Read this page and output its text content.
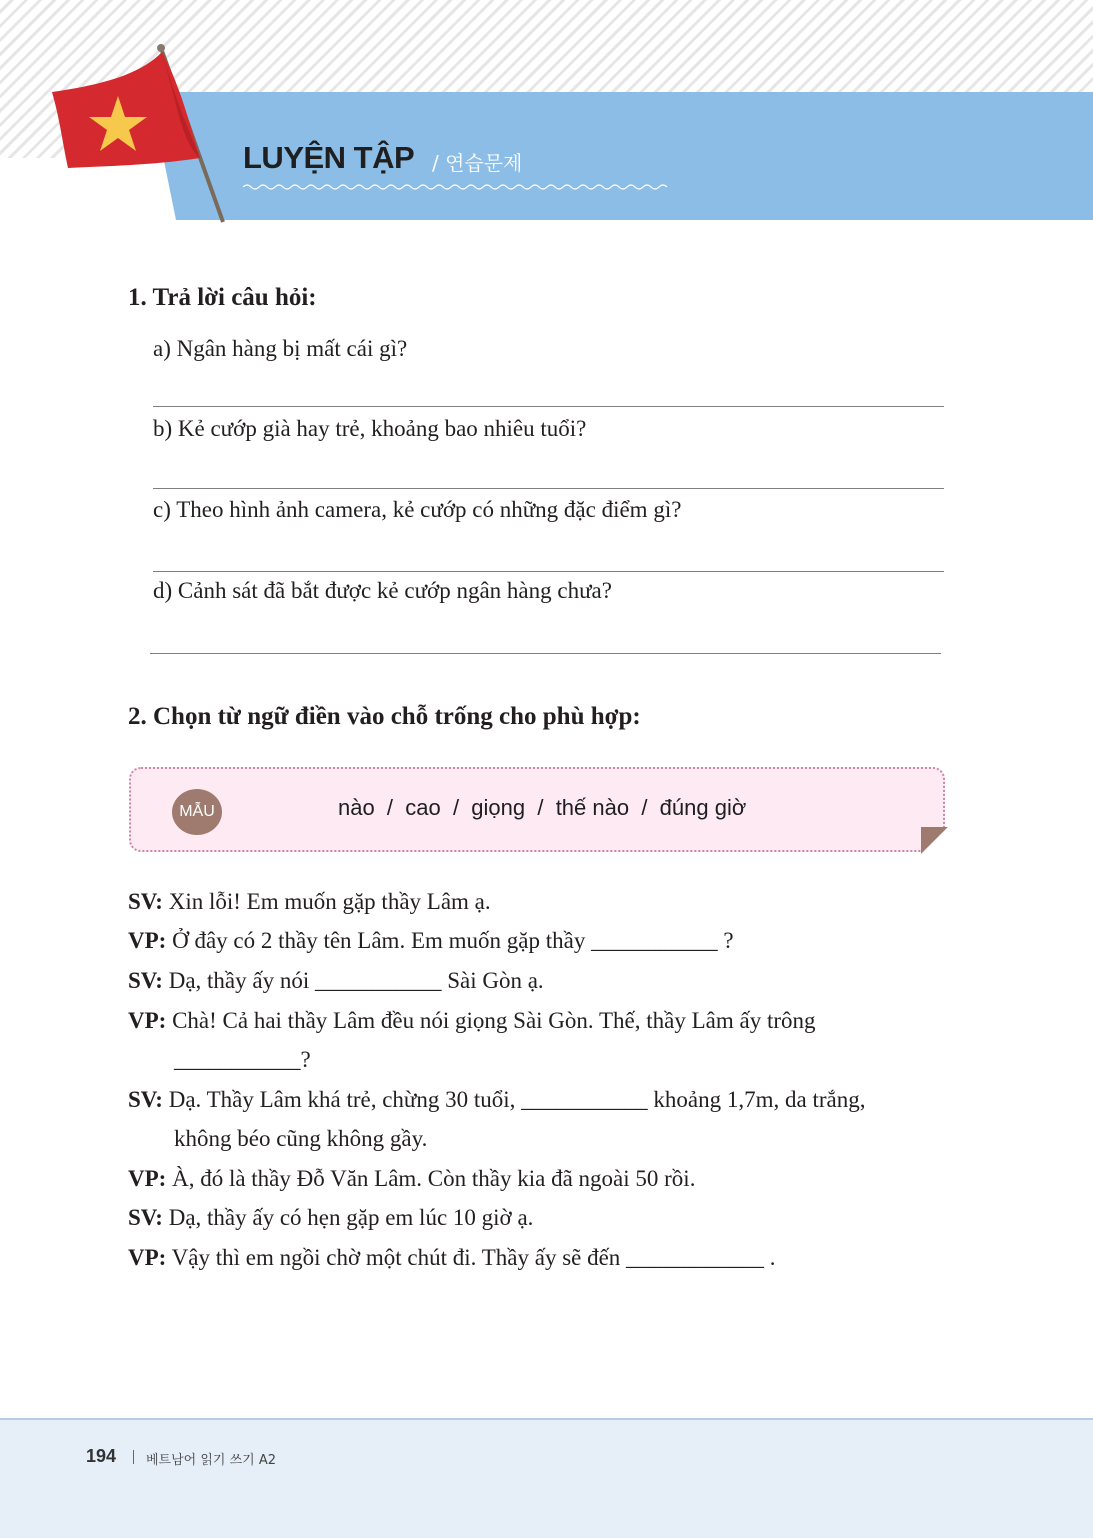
LUYỆN TẬP / 연습문제
1. Trả lời câu hỏi:
a) Ngân hàng bị mất cái gì?
b) Kẻ cướp già hay trẻ, khoảng bao nhiêu tuổi?
c) Theo hình ảnh camera, kẻ cướp có những đặc điểm gì?
d) Cảnh sát đã bắt được kẻ cướp ngân hàng chưa?
2. Chọn từ ngữ điền vào chỗ trống cho phù hợp:
MẪU	nào  /  cao  /  giọng  /  thế nào  /  đúng giờ
SV: Xin lỗi! Em muốn gặp thầy Lâm ạ.
VP: Ở đây có 2 thầy tên Lâm. Em muốn gặp thầy ___________ ?
SV: Dạ, thầy ấy nói ___________ Sài Gòn ạ.
VP: Chà! Cả hai thầy Lâm đều nói giọng Sài Gòn. Thế, thầy Lâm ấy trông
___________?
SV: Dạ. Thầy Lâm khá trẻ, chừng 30 tuổi, ___________ khoảng 1,7m, da trắng,
không béo cũng không gầy.
VP: À, đó là thầy Đỗ Văn Lâm. Còn thầy kia đã ngoài 50 rồi.
SV: Dạ, thầy ấy có hẹn gặp em lúc 10 giờ ạ.
VP: Vậy thì em ngồi chờ một chút đi. Thầy ấy sẽ đến ____________ .
194 베트남어 읽기 쓰기 A2
